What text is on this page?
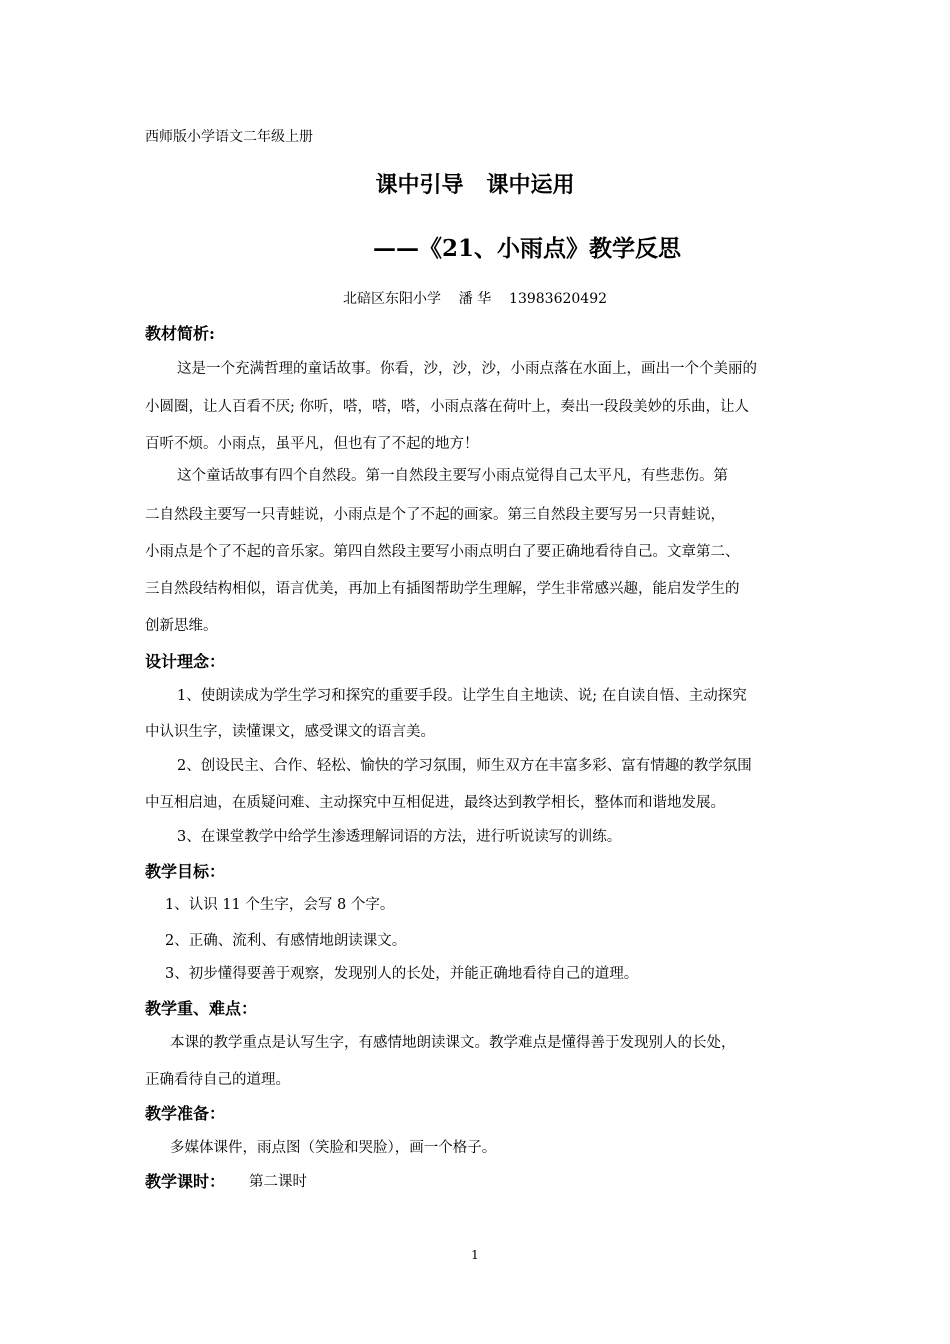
西师版小学语文二年级上册
课中引导   课中运用
——《21、小雨点》教学反思
北碚区东阳小学    潘 华    13983620492
教材简析:
这是一个充满哲理的童话故事。你看，沙，沙，沙，小雨点落在水面上，画出一个个美丽的
小圆圈，让人百看不厌; 你听，嗒，嗒，嗒，小雨点落在荷叶上，奏出一段段美妙的乐曲，让人
百听不烦。小雨点，虽平凡，但也有了不起的地方！
这个童话故事有四个自然段。第一自然段主要写小雨点觉得自己太平凡，有些悲伤。第
二自然段主要写一只青蛙说，小雨点是个了不起的画家。第三自然段主要写另一只青蛙说，
小雨点是个了不起的音乐家。第四自然段主要写小雨点明白了要正确地看待自己。文章第二、
三自然段结构相似，语言优美，再加上有插图帮助学生理解，学生非常感兴趣，能启发学生的
创新思维。
设计理念：
1、使朗读成为学生学习和探究的重要手段。让学生自主地读、说; 在自读自悟、主动探究
中认识生字，读懂课文，感受课文的语言美。
2、创设民主、合作、轻松、愉快的学习氛围，师生双方在丰富多彩、富有情趣的教学氛围
中互相启迪，在质疑问难、主动探究中互相促进，最终达到教学相长，整体而和谐地发展。
3、在课堂教学中给学生渗透理解词语的方法，进行听说读写的训练。
教学目标：
1、认识 11 个生字，会写 8 个字。
2、正确、流利、有感情地朗读课文。
3、初步懂得要善于观察，发现别人的长处，并能正确地看待自己的道理。
教学重、难点：
本课的教学重点是认写生字，有感情地朗读课文。教学难点是懂得善于发现别人的长处，
正确看待自己的道理。
教学准备：
多媒体课件，雨点图（笑脸和哭脸），画一个格子。
教学课时： 第二课时
1
